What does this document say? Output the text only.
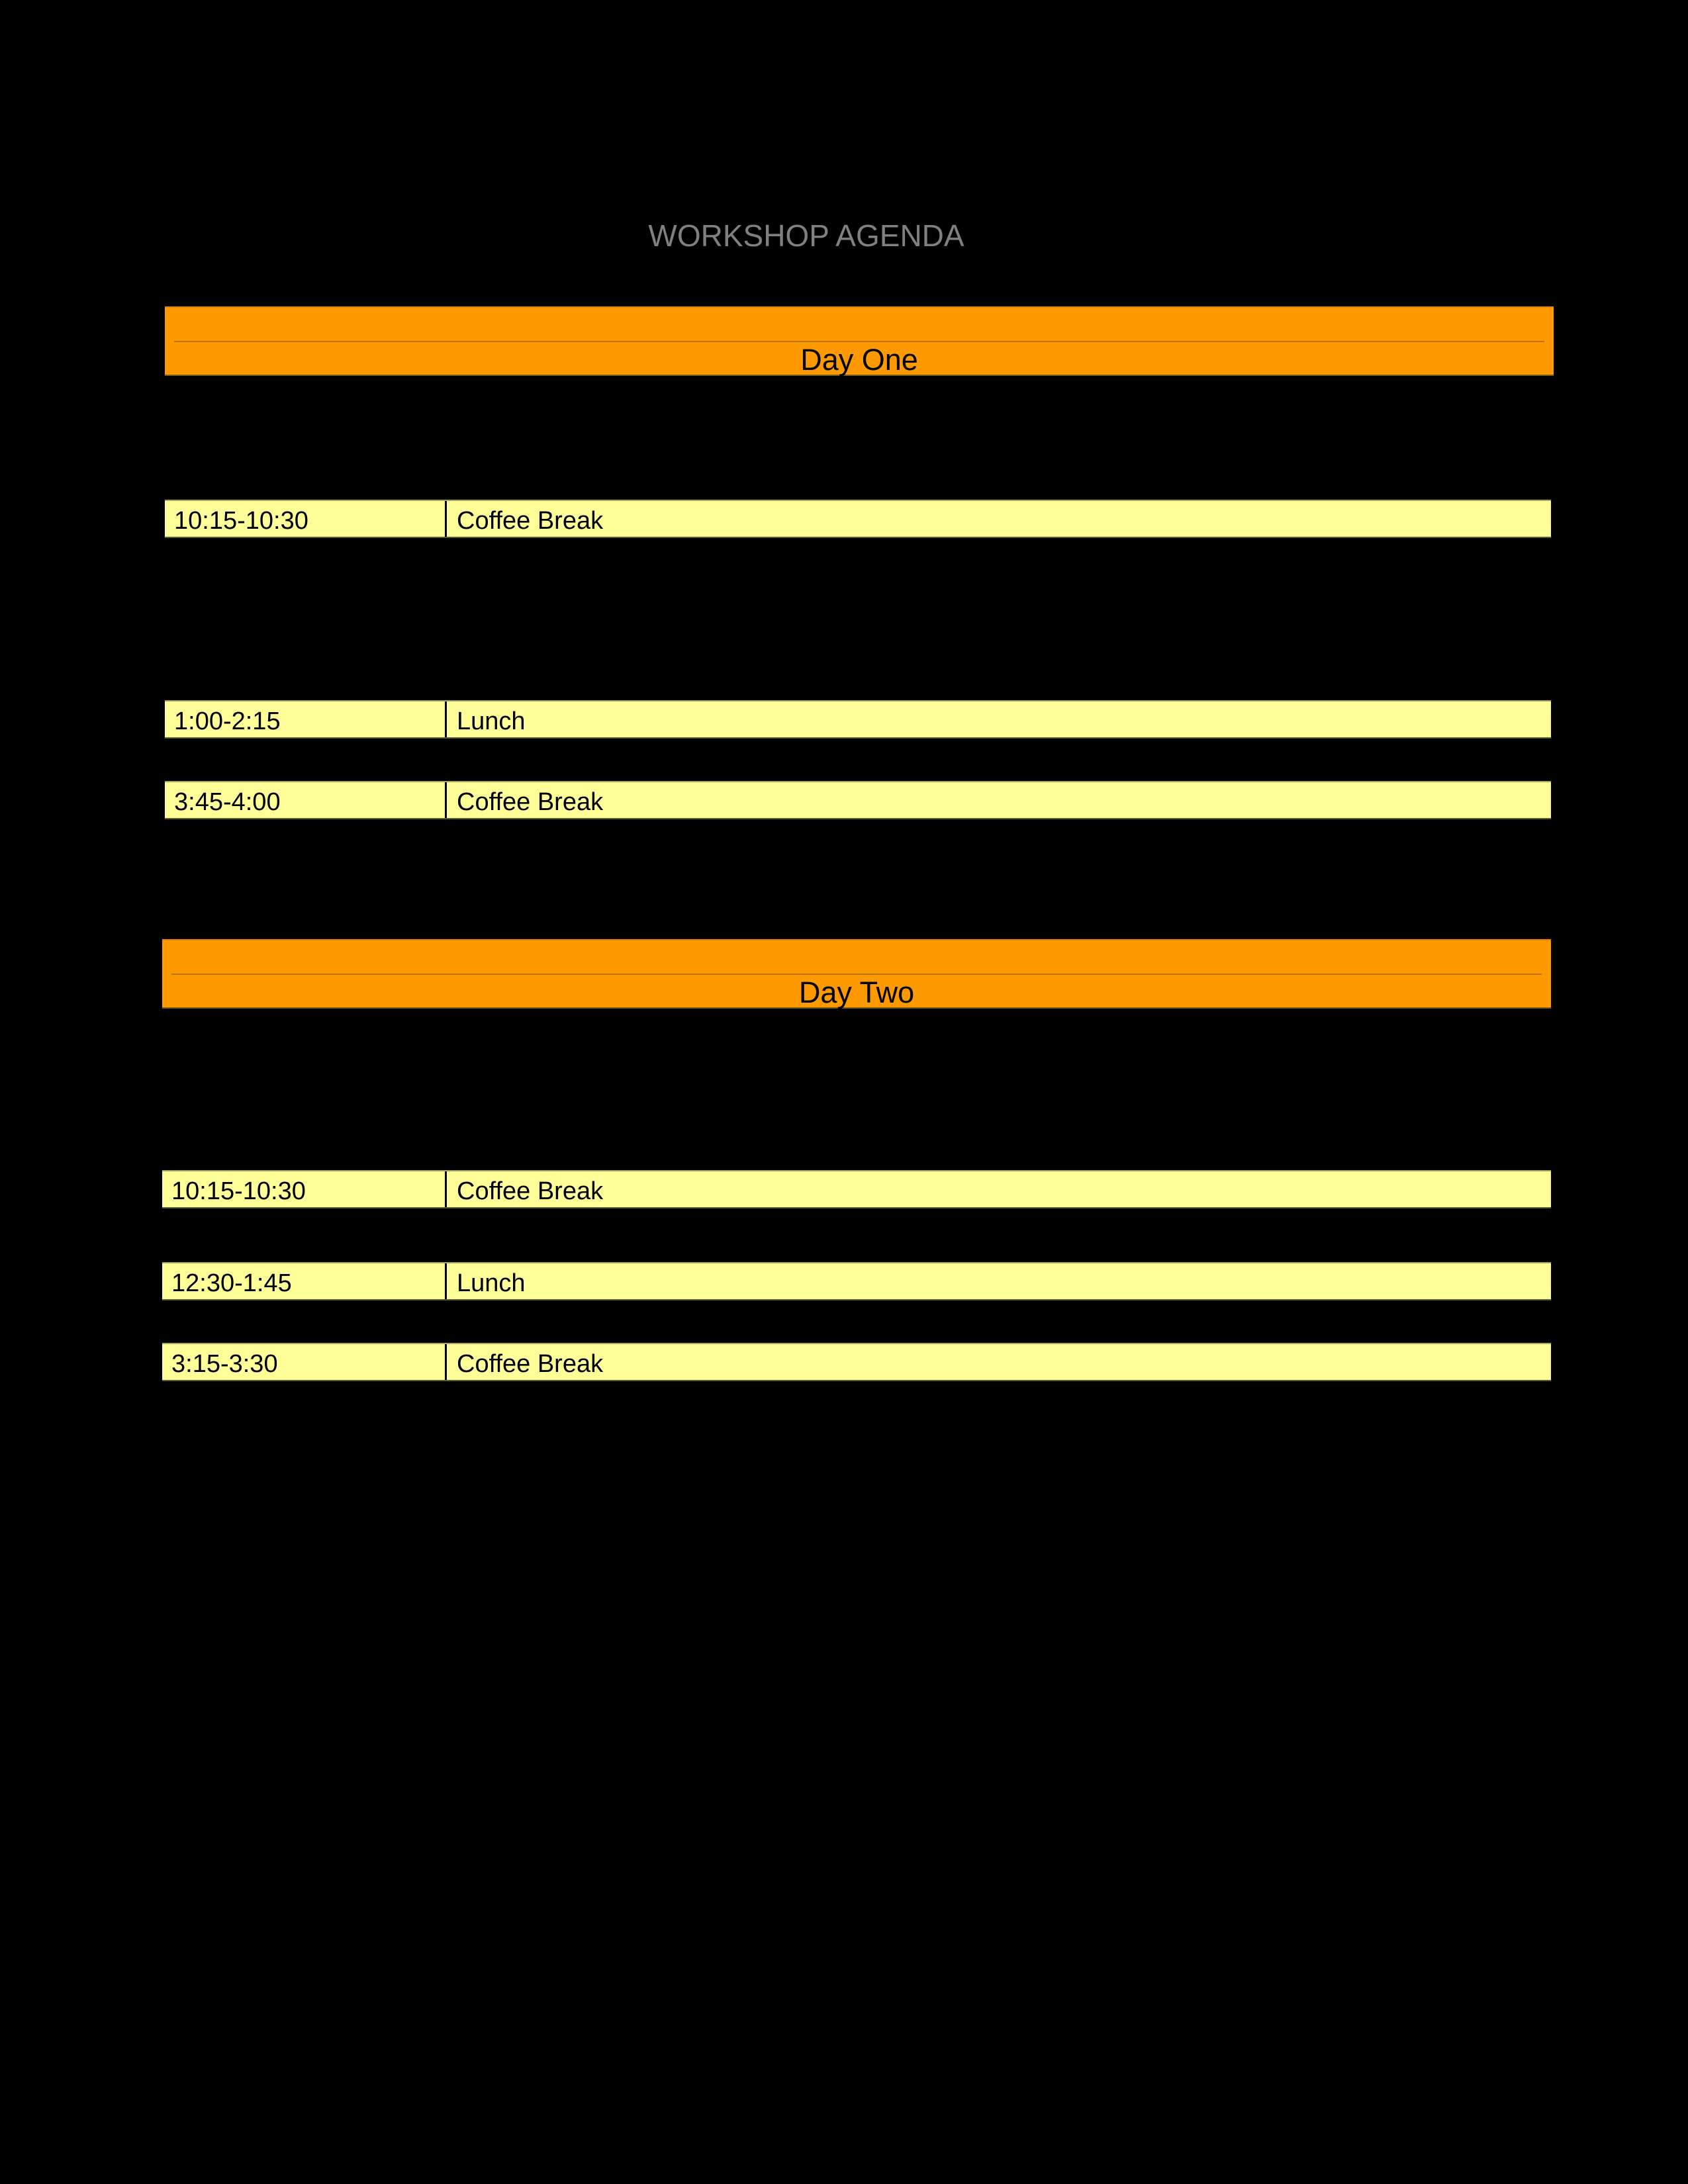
WORKSHOP AGENDA
Day One
10:15-10:30	Coffee Break
1:00-2:15	Lunch
3:45-4:00	Coffee Break
Day Two
10:15-10:30	Coffee Break
12:30-1:45	Lunch
3:15-3:30	Coffee Break
